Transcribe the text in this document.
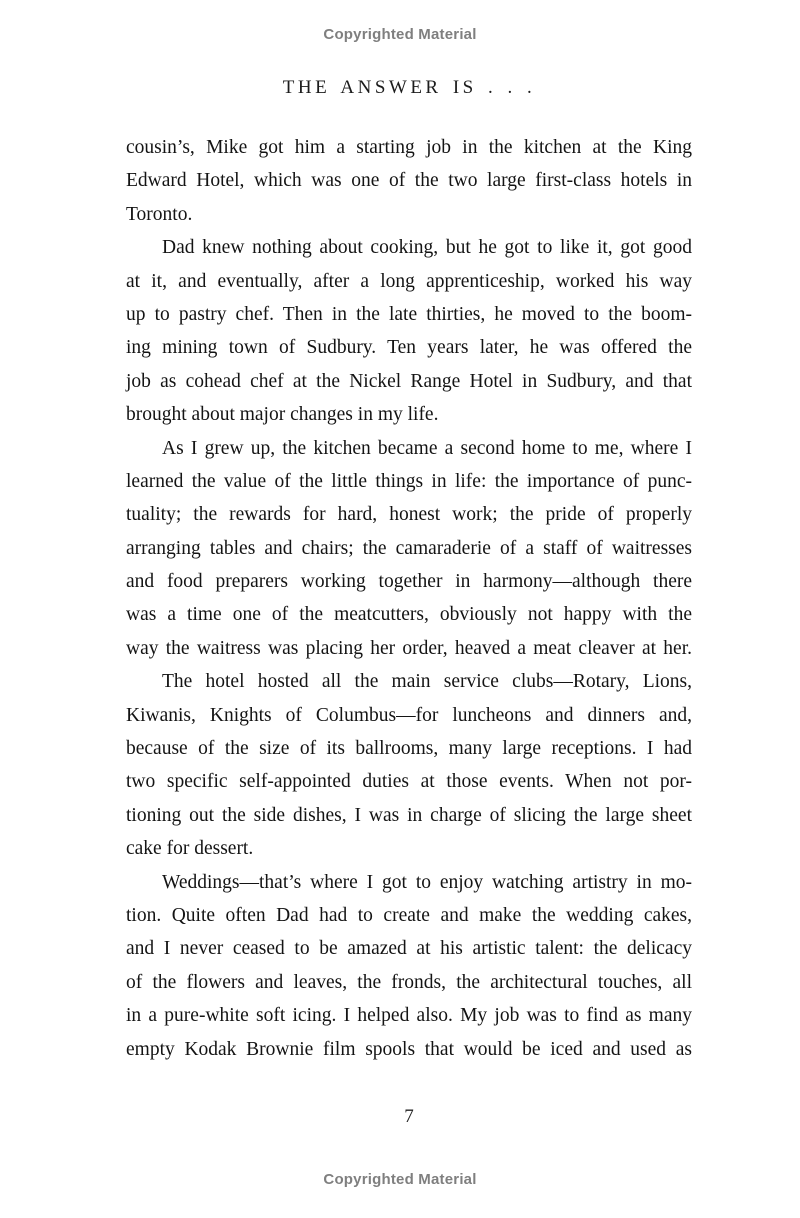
Copyrighted Material
THE ANSWER IS . . .
cousin’s, Mike got him a starting job in the kitchen at the King
Edward Hotel, which was one of the two large first-class hotels in
Toronto.
Dad knew nothing about cooking, but he got to like it, got good
at it, and eventually, after a long apprenticeship, worked his way
up to pastry chef. Then in the late thirties, he moved to the boom-
ing mining town of Sudbury. Ten years later, he was offered the
job as cohead chef at the Nickel Range Hotel in Sudbury, and that
brought about major changes in my life.
As I grew up, the kitchen became a second home to me, where I
learned the value of the little things in life: the importance of punc-
tuality; the rewards for hard, honest work; the pride of properly
arranging tables and chairs; the camaraderie of a staff of waitresses
and food preparers working together in harmony—although there
was a time one of the meatcutters, obviously not happy with the
way the waitress was placing her order, heaved a meat cleaver at her.
The hotel hosted all the main service clubs—Rotary, Lions,
Kiwanis, Knights of Columbus—for luncheons and dinners and,
because of the size of its ballrooms, many large receptions. I had
two specific self-appointed duties at those events. When not por-
tioning out the side dishes, I was in charge of slicing the large sheet
cake for dessert.
Weddings—that’s where I got to enjoy watching artistry in mo-
tion. Quite often Dad had to create and make the wedding cakes,
and I never ceased to be amazed at his artistic talent: the delicacy
of the flowers and leaves, the fronds, the architectural touches, all
in a pure-white soft icing. I helped also. My job was to find as many
empty Kodak Brownie film spools that would be iced and used as
7
Copyrighted Material
